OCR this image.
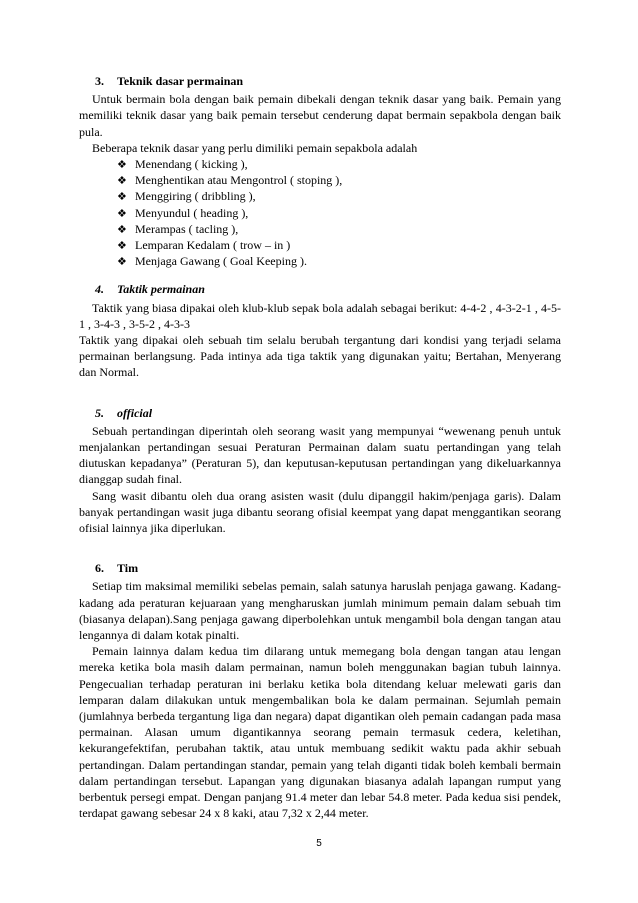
3. Teknik dasar permainan

Untuk bermain bola dengan baik pemain dibekali dengan teknik dasar yang baik. Pemain yang memiliki teknik dasar yang baik pemain tersebut cenderung dapat bermain sepakbola dengan baik pula.

Beberapa teknik dasar yang perlu dimiliki pemain sepakbola adalah

❖ Menendang ( kicking ),
❖ Menghentikan atau Mengontrol ( stoping ),
❖ Menggiring ( dribbling ),
❖ Menyundul ( heading ),
❖ Merampas ( tacling ),
❖ Lemparan Kedalam ( trow – in )
❖ Menjaga Gawang ( Goal Keeping ).
4. Taktik permainan

Taktik yang biasa dipakai oleh klub-klub sepak bola adalah sebagai berikut: 4-4-2 , 4-3-2-1 , 4-5-1 , 3-4-3 , 3-5-2 , 4-3-3

Taktik yang dipakai oleh sebuah tim selalu berubah tergantung dari kondisi yang terjadi selama permainan berlangsung. Pada intinya ada tiga taktik yang digunakan yaitu; Bertahan, Menyerang dan Normal.

5. official

Sebuah pertandingan diperintah oleh seorang wasit yang mempunyai “wewenang penuh untuk menjalankan pertandingan sesuai Peraturan Permainan dalam suatu pertandingan yang telah diutuskan kepadanya” (Peraturan 5), dan keputusan-keputusan pertandingan yang dikeluarkannya dianggap sudah final.

Sang wasit dibantu oleh dua orang asisten wasit (dulu dipanggil hakim/penjaga garis). Dalam banyak pertandingan wasit juga dibantu seorang ofisial keempat yang dapat menggantikan seorang ofisial lainnya jika diperlukan.

6. Tim

Setiap tim maksimal memiliki sebelas pemain, salah satunya haruslah penjaga gawang. Kadang-kadang ada peraturan kejuaraan yang mengharuskan jumlah minimum pemain dalam sebuah tim (biasanya delapan).Sang penjaga gawang diperbolehkan untuk mengambil bola dengan tangan atau lengannya di dalam kotak pinalti.

Pemain lainnya dalam kedua tim dilarang untuk memegang bola dengan tangan atau lengan mereka ketika bola masih dalam permainan, namun boleh menggunakan bagian tubuh lainnya. Pengecualian terhadap peraturan ini berlaku ketika bola ditendang keluar melewati garis dan lemparan dalam dilakukan untuk mengembalikan bola ke dalam permainan. Sejumlah pemain (jumlahnya berbeda tergantung liga dan negara) dapat digantikan oleh pemain cadangan pada masa permainan. Alasan umum digantikannya seorang pemain termasuk cedera, keletihan, kekurangefektifan, perubahan taktik, atau untuk membuang sedikit waktu pada akhir sebuah pertandingan. Dalam pertandingan standar, pemain yang telah diganti tidak boleh kembali bermain dalam pertandingan tersebut. Lapangan yang digunakan biasanya adalah lapangan rumput yang berbentuk persegi empat. Dengan panjang 91.4 meter dan lebar 54.8 meter. Pada kedua sisi pendek, terdapat gawang sebesar 24 x 8 kaki, atau 7,32 x 2,44 meter.

5
